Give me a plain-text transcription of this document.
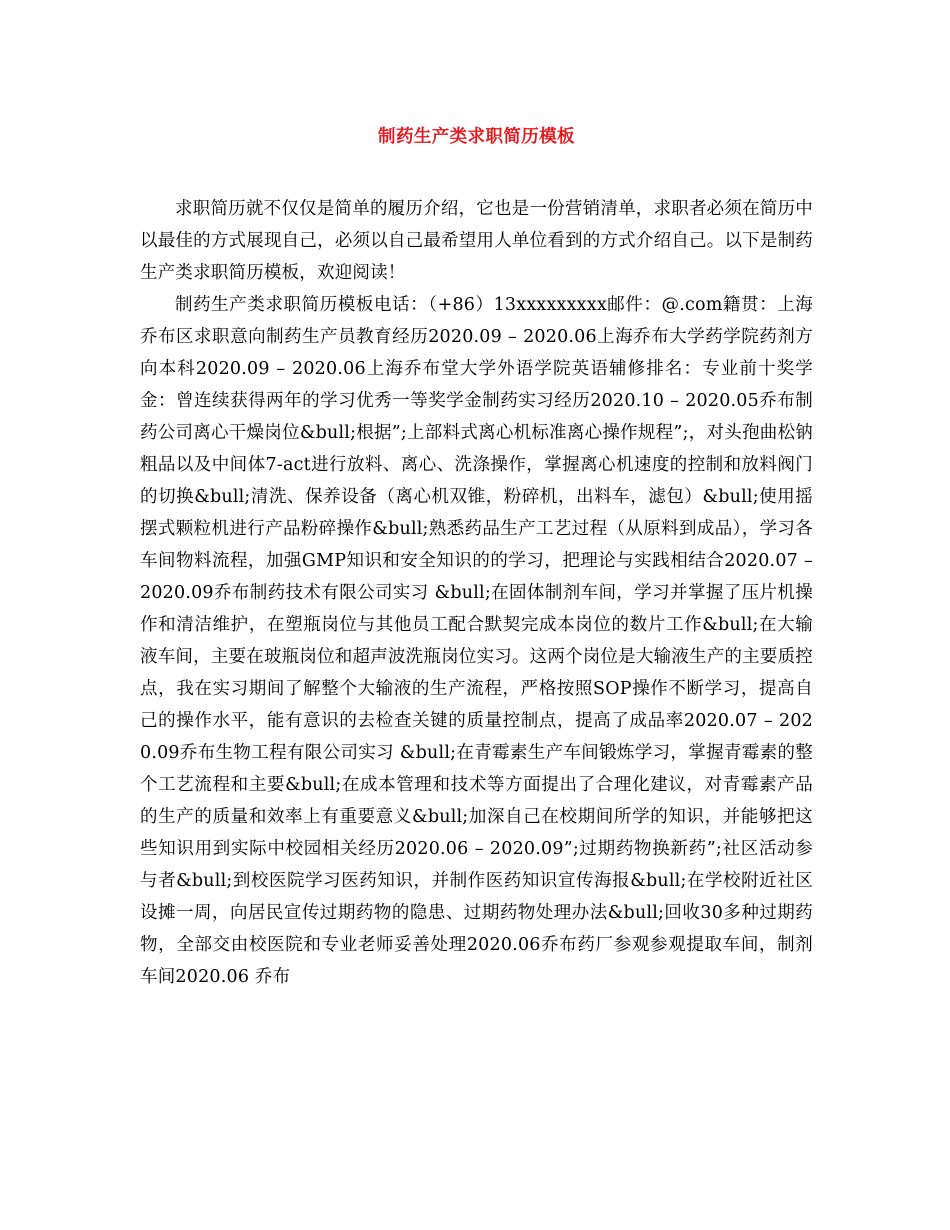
制药生产类求职简历模板

求职简历就不仅仅是简单的履历介绍，它也是一份营销清单，求职者必须在简历中以最佳的方式展现自己，必须以自己最希望用人单位看到的方式介绍自己。以下是制药生产类求职简历模板，欢迎阅读！

制药生产类求职简历模板电话：（+86）13xxxxxxxxx邮件：@.com籍贯：上海乔布区求职意向制药生产员教育经历2020.09 – 2020.06上海乔布大学药学院药剂方向本科2020.09 – 2020.06上海乔布堂大学外语学院英语辅修排名：专业前十奖学金：曾连续获得两年的学习优秀一等奖学金制药实习经历2020.10 – 2020.05乔布制药公司离心干燥岗位&bull;根据”;上部料式离心机标准离心操作规程”;，对头孢曲松钠粗品以及中间体7-act进行放料、离心、洗涤操作，掌握离心机速度的控制和放料阀门的切换&bull;清洗、保养设备（离心机双锥，粉碎机，出料车，滤包）&bull;使用摇摆式颗粒机进行产品粉碎操作&bull;熟悉药品生产工艺过程（从原料到成品），学习各车间物料流程，加强GMP知识和安全知识的的学习，把理论与实践相结合2020.07 – 2020.09乔布制药技术有限公司实习 &bull;在固体制剂车间，学习并掌握了压片机操作和清洁维护，在塑瓶岗位与其他员工配合默契完成本岗位的数片工作&bull;在大输液车间，主要在玻瓶岗位和超声波洗瓶岗位实习。这两个岗位是大输液生产的主要质控点，我在实习期间了解整个大输液的生产流程，严格按照SOP操作不断学习，提高自己的操作水平，能有意识的去检查关键的质量控制点，提高了成品率2020.07 – 2020.09乔布生物工程有限公司实习 &bull;在青霉素生产车间锻炼学习，掌握青霉素的整个工艺流程和主要&bull;在成本管理和技术等方面提出了合理化建议，对青霉素产品的生产的质量和效率上有重要意义&bull;加深自己在校期间所学的知识，并能够把这些知识用到实际中校园相关经历2020.06 – 2020.09”;过期药物换新药”;社区活动参与者&bull;到校医院学习医药知识，并制作医药知识宣传海报&bull;在学校附近社区设摊一周，向居民宣传过期药物的隐患、过期药物处理办法&bull;回收30多种过期药物，全部交由校医院和专业老师妥善处理2020.06乔布药厂参观参观提取车间，制剂车间2020.06 乔布
